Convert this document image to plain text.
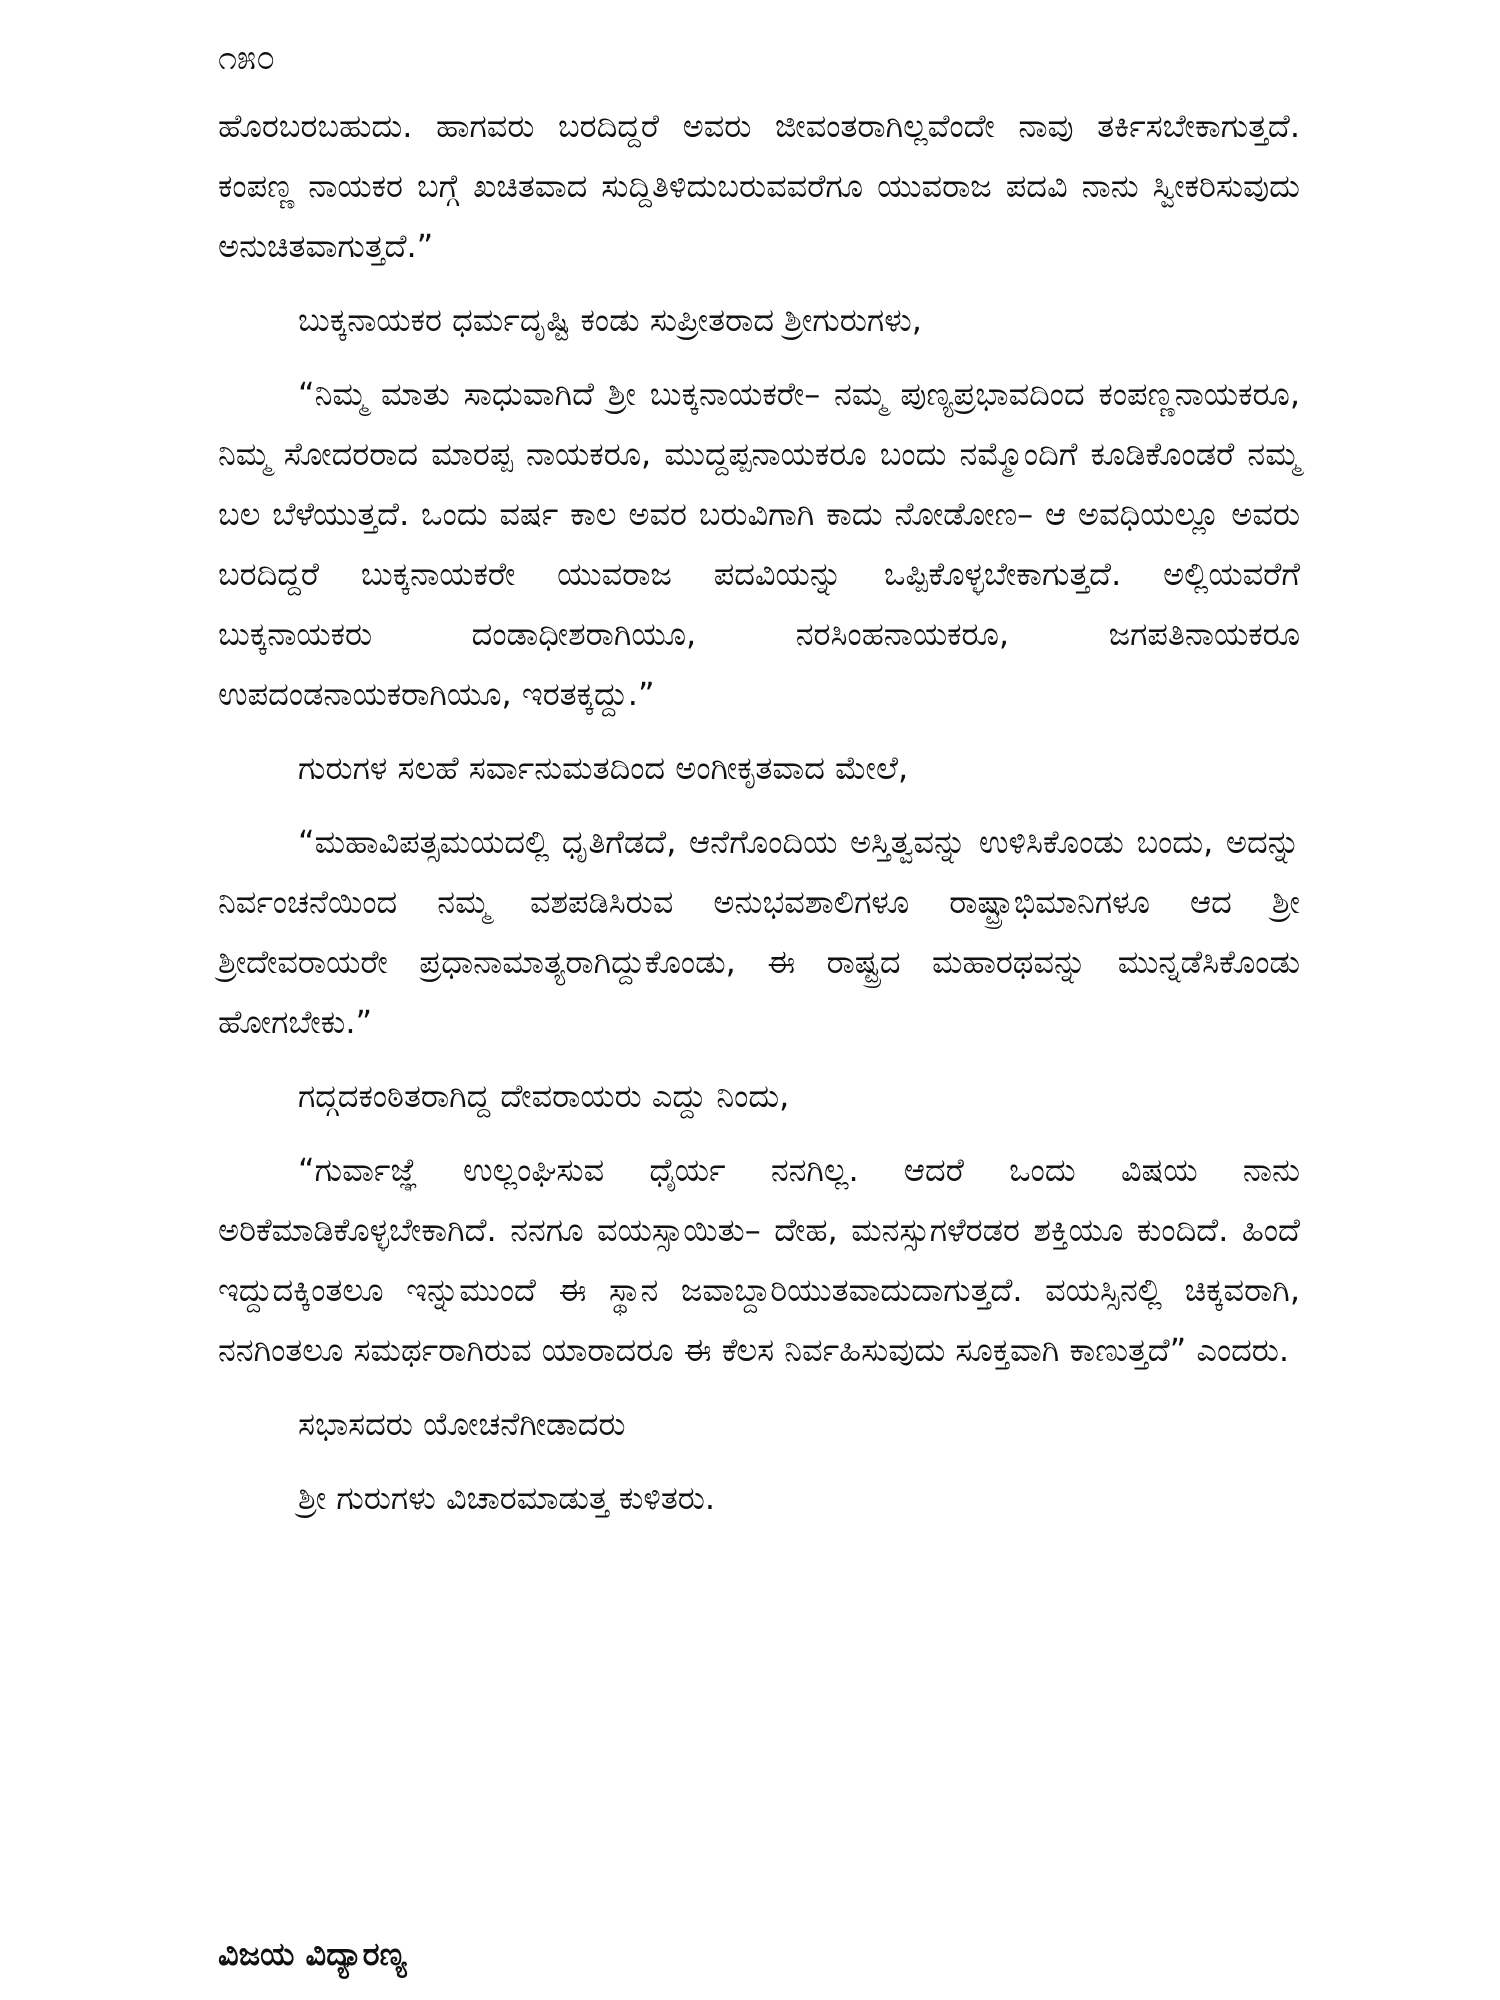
೧೫೦

ಹೊರಬರಬಹುದು. ಹಾಗವರು ಬರದಿದ್ದರೆ ಅವರು ಜೀವಂತರಾಗಿಲ್ಲವೆಂದೇ ನಾವು ತರ್ಕಿಸಬೇಕಾಗುತ್ತದೆ. ಕಂಪಣ್ಣ ನಾಯಕರ ಬಗ್ಗೆ ಖಚಿತವಾದ ಸುದ್ದಿತಿಳಿದುಬರುವವರೆಗೂ ಯುವರಾಜ ಪದವಿ ನಾನು ಸ್ವೀಕರಿಸುವುದು ಅನುಚಿತವಾಗುತ್ತದೆ.”

ಬುಕ್ಕನಾಯಕರ ಧರ್ಮದೃಷ್ಟಿ ಕಂಡು ಸುಪ್ರೀತರಾದ ಶ್ರೀಗುರುಗಳು,

“ನಿಮ್ಮ ಮಾತು ಸಾಧುವಾಗಿದೆ ಶ್ರೀ ಬುಕ್ಕನಾಯಕರೇ– ನಮ್ಮ ಪುಣ್ಯಪ್ರಭಾವದಿಂದ ಕಂಪಣ್ಣನಾಯಕರೂ, ನಿಮ್ಮ ಸೋದರರಾದ ಮಾರಪ್ಪ ನಾಯಕರೂ, ಮುದ್ದಪ್ಪನಾಯಕರೂ ಬಂದು ನಮ್ಮೊಂದಿಗೆ ಕೂಡಿಕೊಂಡರೆ ನಮ್ಮ ಬಲ ಬೆಳೆಯುತ್ತದೆ. ಒಂದು ವರ್ಷ ಕಾಲ ಅವರ ಬರುವಿಗಾಗಿ ಕಾದು ನೋಡೋಣ– ಆ ಅವಧಿಯಲ್ಲೂ ಅವರು ಬರದಿದ್ದರೆ ಬುಕ್ಕನಾಯಕರೇ ಯುವರಾಜ ಪದವಿಯನ್ನು ಒಪ್ಪಿಕೊಳ್ಳಬೇಕಾಗುತ್ತದೆ. ಅಲ್ಲಿಯವರೆಗೆ ಬುಕ್ಕನಾಯಕರು ದಂಡಾಧೀಶರಾಗಿಯೂ, ನರಸಿಂಹನಾಯಕರೂ, ಜಗಪತಿನಾಯಕರೂ ಉಪದಂಡನಾಯಕರಾಗಿಯೂ, ಇರತಕ್ಕದ್ದು.”

ಗುರುಗಳ ಸಲಹೆ ಸರ್ವಾನುಮತದಿಂದ ಅಂಗೀಕೃತವಾದ ಮೇಲೆ,

“ಮಹಾವಿಪತ್ಸಮಯದಲ್ಲಿ ಧೃತಿಗೆಡದೆ, ಆನೆಗೊಂದಿಯ ಅಸ್ತಿತ್ವವನ್ನು ಉಳಿಸಿಕೊಂಡು ಬಂದು, ಅದನ್ನು ನಿರ್ವಂಚನೆಯಿಂದ ನಮ್ಮ ವಶಪಡಿಸಿರುವ ಅನುಭವಶಾಲಿಗಳೂ ರಾಷ್ಟ್ರಾಭಿಮಾನಿಗಳೂ ಆದ ಶ್ರೀ ಶ್ರೀದೇವರಾಯರೇ ಪ್ರಧಾನಾಮಾತ್ಯರಾಗಿದ್ದುಕೊಂಡು, ಈ ರಾಷ್ಟ್ರದ ಮಹಾರಥವನ್ನು ಮುನ್ನಡೆಸಿಕೊಂಡು ಹೋಗಬೇಕು.”

ಗದ್ಗದಕಂಠಿತರಾಗಿದ್ದ ದೇವರಾಯರು ಎದ್ದು ನಿಂದು,

“ಗುರ್ವಾಜ್ಞೆ ಉಲ್ಲಂಘಿಸುವ ಧೈರ್ಯ ನನಗಿಲ್ಲ. ಆದರೆ ಒಂದು ವಿಷಯ ನಾನು ಅರಿಕೆಮಾಡಿಕೊಳ್ಳಬೇಕಾಗಿದೆ. ನನಗೂ ವಯಸ್ಸಾಯಿತು– ದೇಹ, ಮನಸ್ಸುಗಳೆರಡರ ಶಕ್ತಿಯೂ ಕುಂದಿದೆ. ಹಿಂದೆ ಇದ್ದುದಕ್ಕಿಂತಲೂ ಇನ್ನುಮುಂದೆ ಈ ಸ್ಥಾನ ಜವಾಬ್ದಾರಿಯುತವಾದುದಾಗುತ್ತದೆ. ವಯಸ್ಸಿನಲ್ಲಿ ಚಿಕ್ಕವರಾಗಿ, ನನಗಿಂತಲೂ ಸಮರ್ಥರಾಗಿರುವ ಯಾರಾದರೂ ಈ ಕೆಲಸ ನಿರ್ವಹಿಸುವುದು ಸೂಕ್ತವಾಗಿ ಕಾಣುತ್ತದೆ” ಎಂದರು.

ಸಭಾಸದರು ಯೋಚನೆಗೀಡಾದರು

ಶ್ರೀ ಗುರುಗಳು ವಿಚಾರಮಾಡುತ್ತ ಕುಳಿತರು.

ವಿಜಯ ವಿದ್ಯಾರಣ್ಯ
